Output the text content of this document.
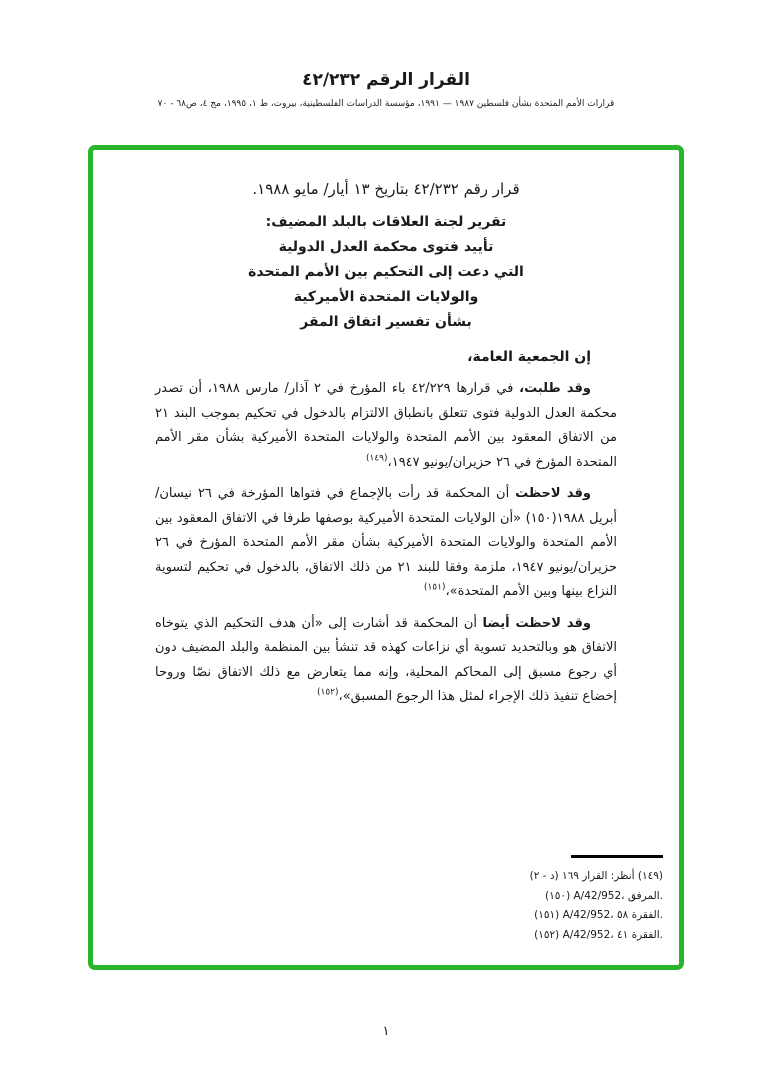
القرار الرقم ٤٢/٢٣٢
قرارات الأمم المتحدة بشأن فلسطين ١٩٨٧ — ١٩٩١، مؤسسة الدراسات الفلسطينية، بيروت، ط ١، ١٩٩٥، مج ٤، ص٦٨ - ٧٠
قرار رقم ٤٢/٢٣٢ بتاريخ ١٣ أيار/ مايو ١٩٨٨.
تقرير لجنة العلاقات بالبلد المضيف:
تأييد فتوى محكمة العدل الدولية
التي دعت إلى التحكيم بين الأمم المتحدة
والولايات المتحدة الأميركية
بشأن تفسير اتفاق المقر
إن الجمعية العامة،

وقد طلبت، في قرارها ٤٢/٢٢٩ باء المؤرخ في ٢ آذار/ مارس ١٩٨٨، أن تصدر محكمة العدل الدولية فتوى تتعلق بانطباق الالتزام بالدخول في تحكيم بموجب البند ٢١ من الاتفاق المعقود بين الأمم المتحدة والولايات المتحدة الأميركية بشأن مقر الأمم المتحدة المؤرخ في ٢٦ حزيران/يونيو ١٩٤٧،$^{(١٤٩)}$

وقد لاحظت أن المحكمة قد رأت بالإجماع في فتواها المؤرخة في ٢٦ نيسان/أبريل ١٩٨٨(١٥٠) «أن الولايات المتحدة الأميركية بوصفها طرفا في الاتفاق المعقود بين الأمم المتحدة والولايات المتحدة الأميركية بشأن مقر الأمم المتحدة المؤرخ في ٢٦ حزيران/يونيو ١٩٤٧، ملزمة وفقا للبند ٢١ من ذلك الاتفاق، بالدخول في تحكيم لتسوية النزاع بينها وبين الأمم المتحدة»،$^{(١٥١)}$

وقد لاحظت أيضا أن المحكمة قد أشارت إلى «أن هدف التحكيم الذي يتوخاه الاتفاق هو وبالتحديد تسوية أي نزاعات كهذه قد تنشأ بين المنظمة والبلد المضيف دون أي رجوع مسبق إلى المحاكم المحلية، وإنه مما يتعارض مع ذلك الاتفاق نصّا وروحا إخضاع تنفيذ ذلك الإجراء لمثل هذا الرجوع المسبق»،$^{(١٥٢)}$

(١٤٩) أنظر: القرار ١٦٩ (د - ٢)
(١٥٠) A/42/952، المرفق.
(١٥١) A/42/952، الفقرة ٥٨.
(١٥٢) A/42/952، الفقرة ٤١.
١
